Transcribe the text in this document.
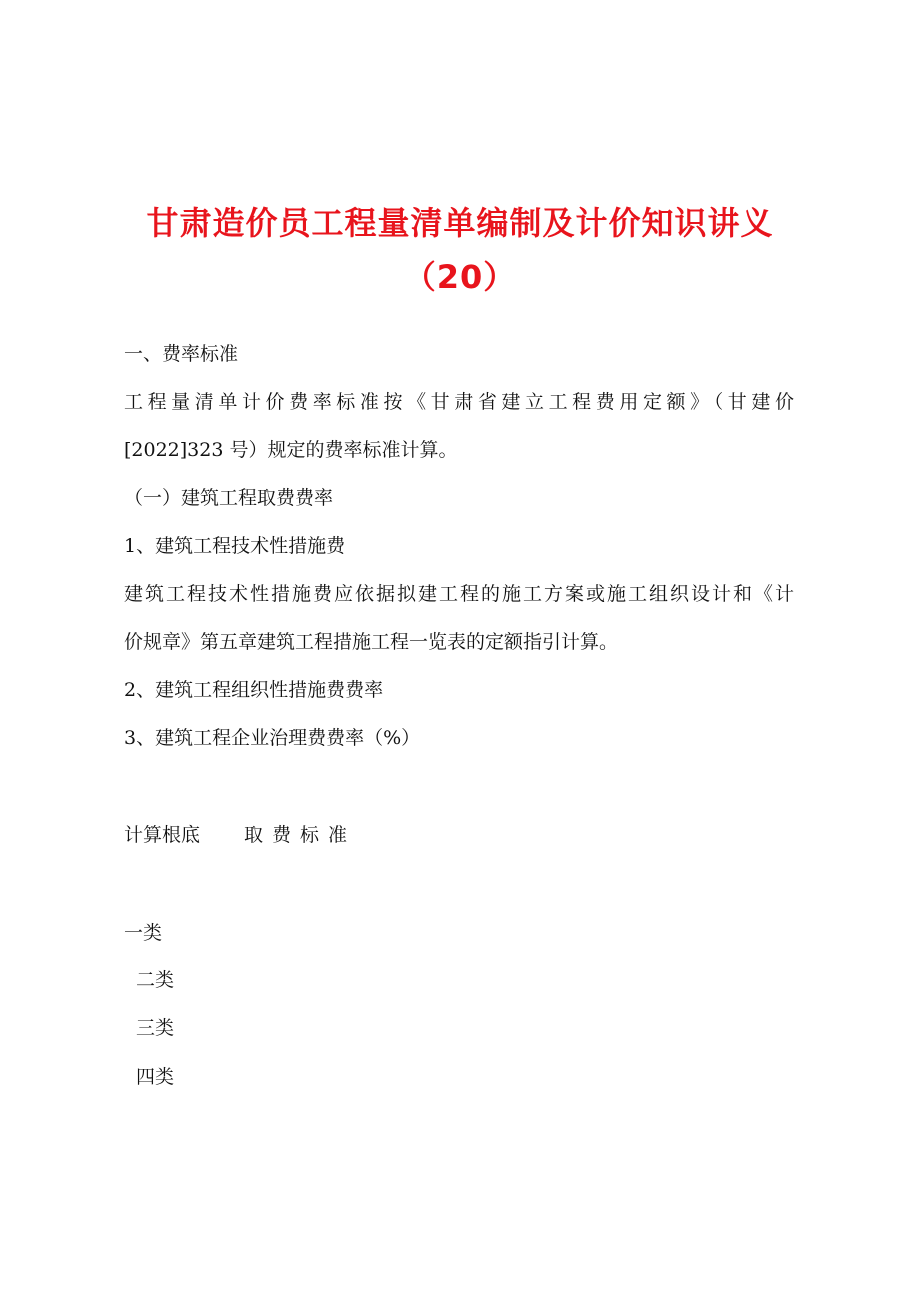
甘肃造价员工程量清单编制及计价知识讲义
（20）

一、费率标准

工程量清单计价费率标准按《甘肃省建立工程费用定额》（甘建价

[2022]323 号）规定的费率标准计算。

（一）建筑工程取费费率

1、建筑工程技术性措施费

建筑工程技术性措施费应依据拟建工程的施工方案或施工组织设计和《计

价规章》第五章建筑工程措施工程一览表的定额指引计算。

2、建筑工程组织性措施费费率

3、建筑工程企业治理费费率（%）

计算根底 取费标准
一类
二类
三类
四类
